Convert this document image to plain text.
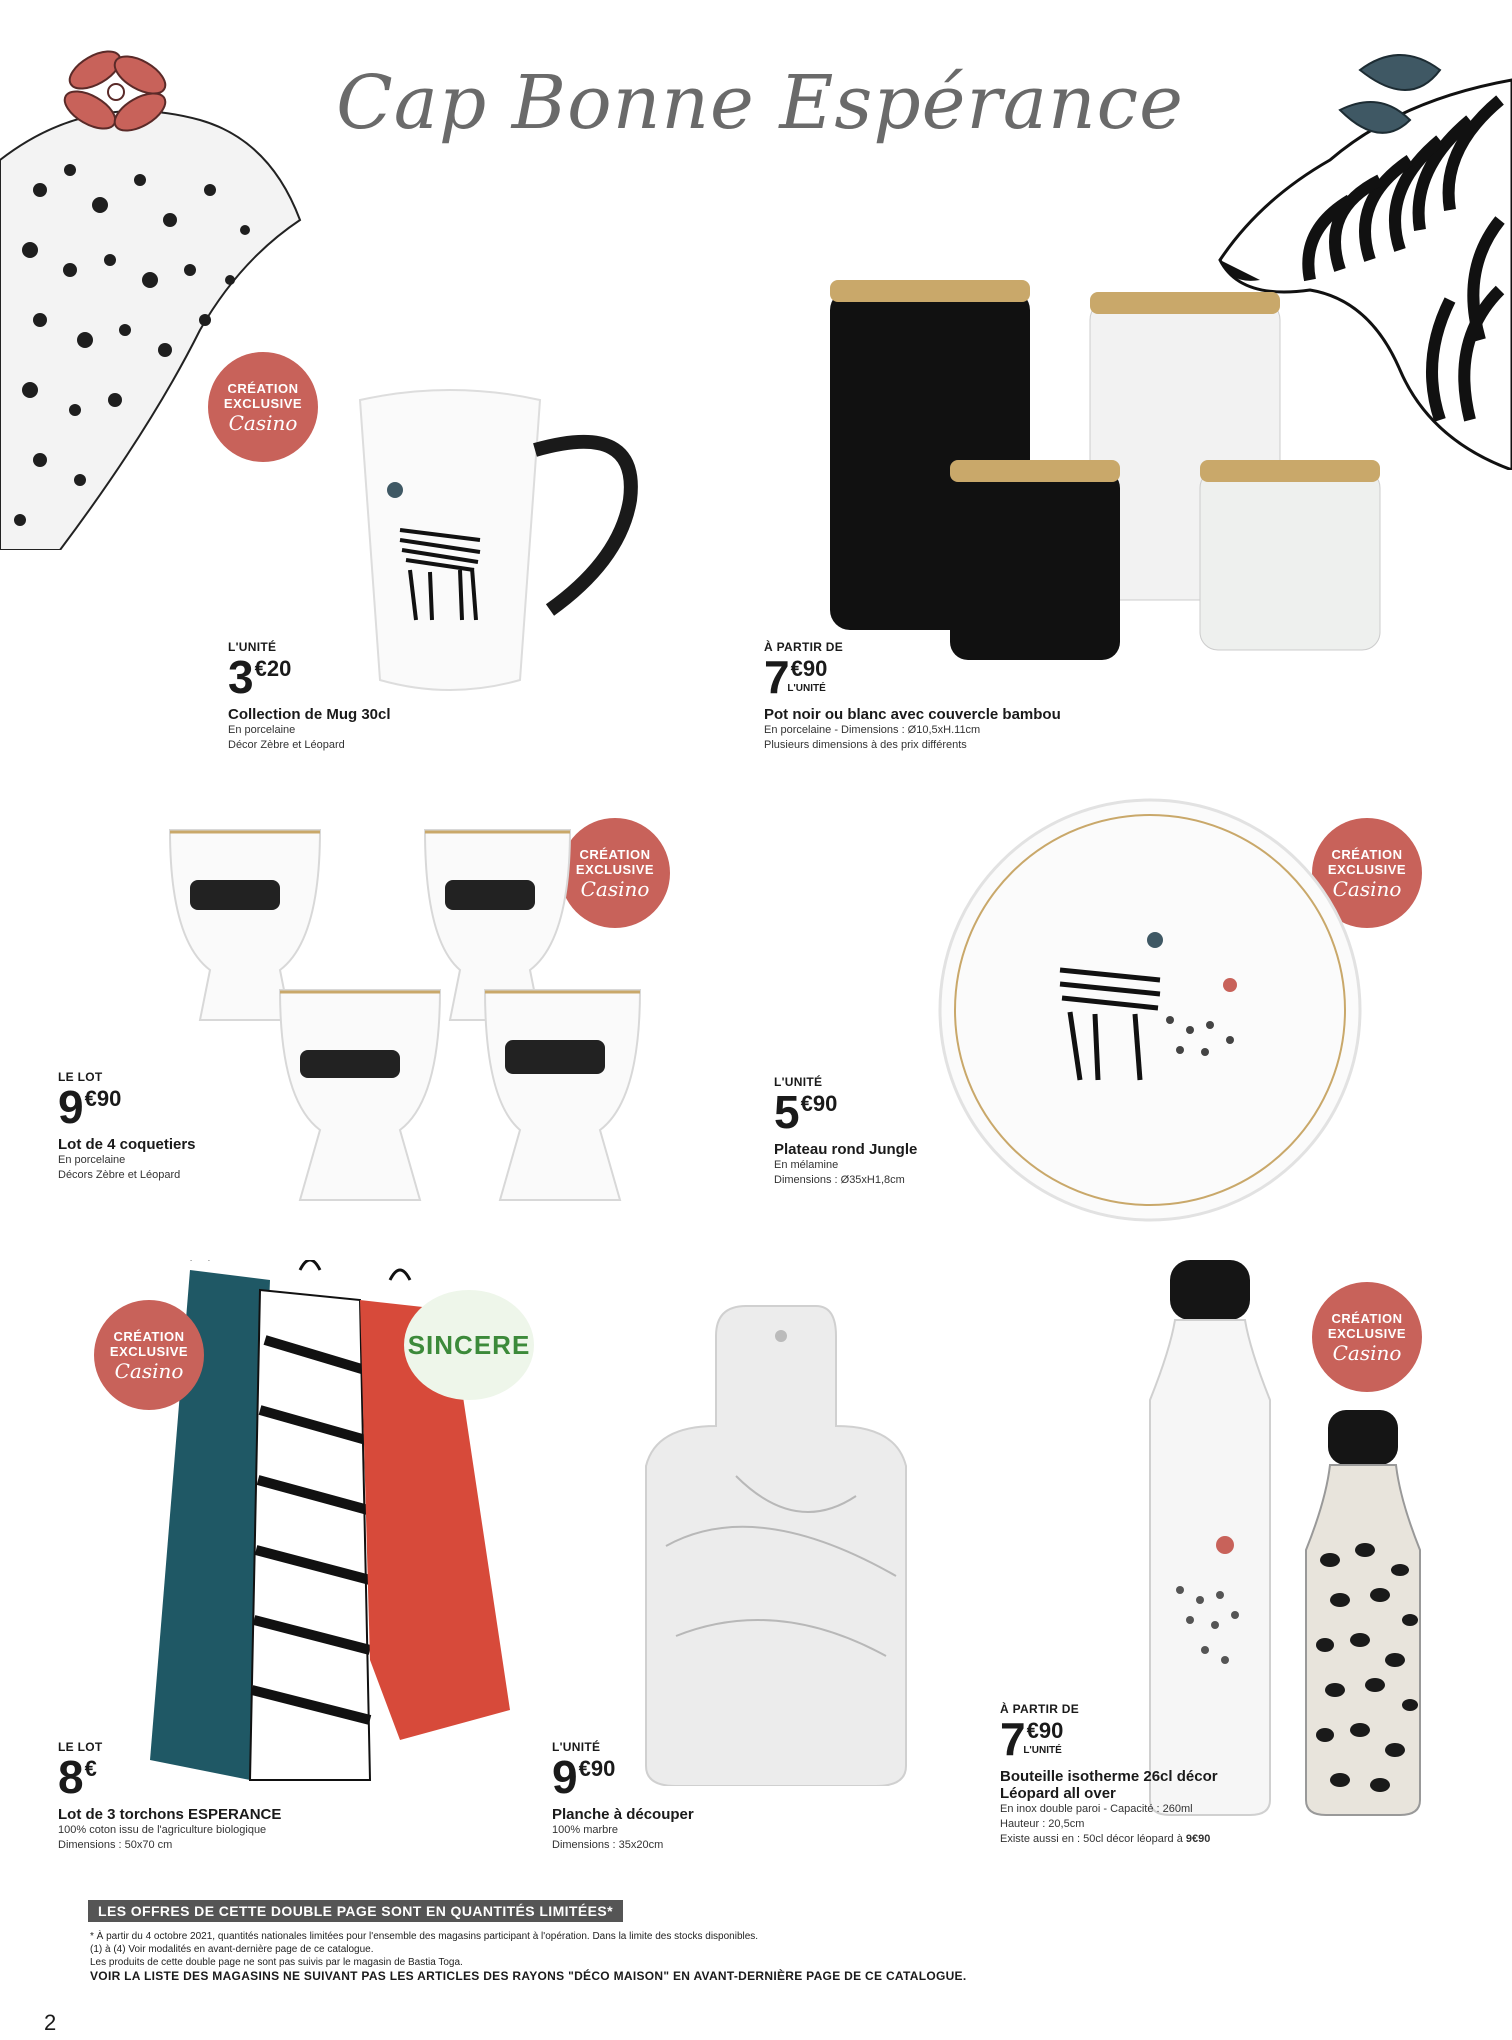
Cap Bonne Espérance
CRÉATION
EXCLUSIVE
Casino
L'UNITÉ
3 €20
Collection de Mug 30cl
En porcelaine
Décor Zèbre et Léopard
À PARTIR DE
7 €90
L'UNITÉ
Pot noir ou blanc avec couvercle bambou
En porcelaine - Dimensions : Ø10,5xH.11cm
Plusieurs dimensions à des prix différents
CRÉATION
EXCLUSIVE
Casino
LE LOT
9 €90
Lot de 4 coquetiers
En porcelaine
Décors Zèbre et Léopard
CRÉATION
EXCLUSIVE
Casino
L'UNITÉ
5 €90
Plateau rond Jungle
En mélamine
Dimensions : Ø35xH1,8cm
CRÉATION
EXCLUSIVE
Casino
SINCERE
LE LOT
8 €
Lot de 3 torchons ESPERANCE
100% coton issu de l'agriculture biologique
Dimensions : 50x70 cm
L'UNITÉ
9 €90
Planche à découper
100% marbre
Dimensions : 35x20cm
CRÉATION
EXCLUSIVE
Casino
À PARTIR DE
7 €90
L'UNITÉ
Bouteille isotherme 26cl décor
Léopard all over
En inox double paroi - Capacité : 260ml
Hauteur : 20,5cm
Existe aussi en : 50cl décor léopard à 9€90
LES OFFRES DE CETTE DOUBLE PAGE SONT EN QUANTITÉS LIMITÉES*
* À partir du 4 octobre 2021, quantités nationales limitées pour l'ensemble des magasins participant à l'opération. Dans la limite des stocks disponibles.
(1) à (4) Voir modalités en avant-dernière page de ce catalogue.
Les produits de cette double page ne sont pas suivis par le magasin de Bastia Toga.
VOIR LA LISTE DES MAGASINS NE SUIVANT PAS LES ARTICLES DES RAYONS "DÉCO MAISON" EN AVANT-DERNIÈRE PAGE DE CE CATALOGUE.
2
